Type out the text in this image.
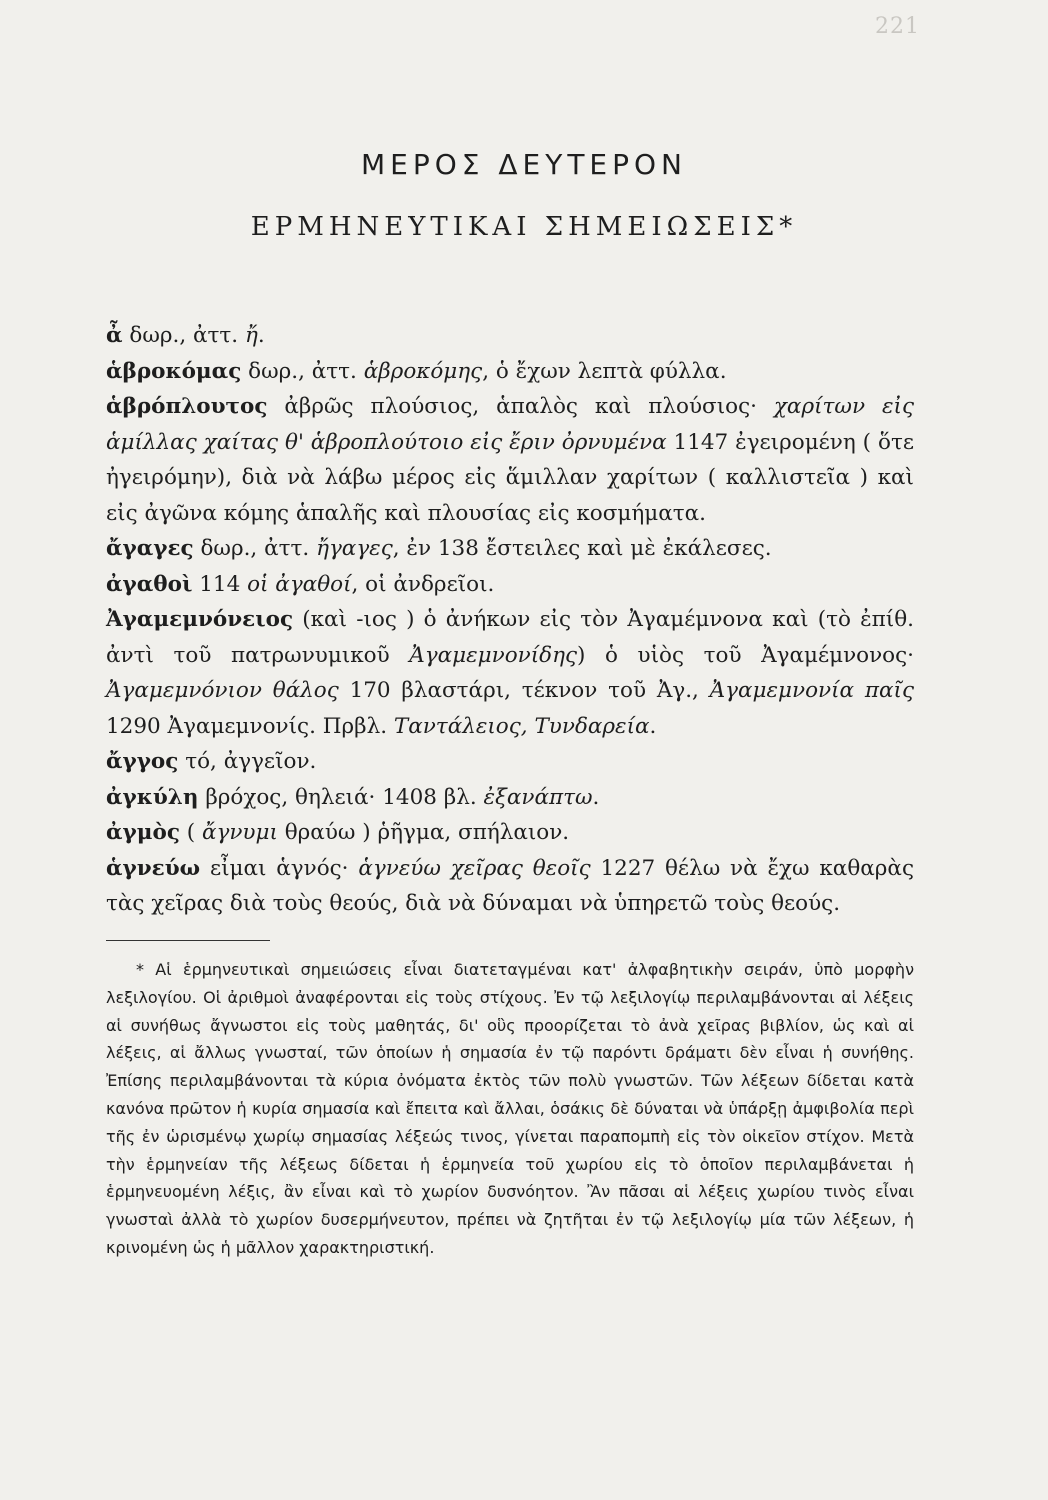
221
ΜΕΡΟΣ ΔΕΥΤΕΡΟΝ
ΕΡΜΗΝΕΥΤΙΚΑΙ ΣΗΜΕΙΩΣΕΙΣ*
ἆ δωρ., ἀττ. ἤ.
ἁβροκόμας δωρ., ἀττ. ἁβροκόμης, ὁ ἔχων λεπτὰ φύλλα.
ἁβρόπλουτος ἀβρῶς πλούσιος, ἁπαλὸς καὶ πλούσιος· χαρίτων εἰς ἁμίλλας χαίτας θ' ἁβροπλούτοιο εἰς ἔριν ὀρνυμένα 1147 ἐγειρομένη ( ὅτε ἠγειρόμην), διὰ νὰ λάβω μέρος εἰς ἅμιλλαν χαρίτων ( καλλιστεῖα ) καὶ εἰς ἀγῶνα κόμης ἁπαλῆς καὶ πλουσίας εἰς κοσμήματα.
ἄγαγες δωρ., ἀττ. ἤγαγες, ἐν 138 ἔστειλες καὶ μὲ ἐκάλεσες.
ἀγαθοὶ 114 οἱ ἀγαθοί, οἱ ἀνδρεῖοι.
Ἀγαμεμνόνειος (καὶ -ιος ) ὁ ἀνήκων εἰς τὸν Ἀγαμέμνονα καὶ (τὸ ἐπίθ. ἀντὶ τοῦ πατρωνυμικοῦ Ἀγαμεμνονίδης) ὁ υἱὸς τοῦ Ἀγαμέμνονος· Ἀγαμεμνόνιον θάλος 170 βλαστάρι, τέκνον τοῦ Ἀγ., Ἀγαμεμνονία παῖς 1290 Ἀγαμεμνονίς. Πρβλ. Ταντάλειος, Τυνδαρεία.
ἄγγος τό, ἀγγεῖον.
ἀγκύλη βρόχος, θηλειά· 1408 βλ. ἐξανάπτω.
ἀγμὸς ( ἄγνυμι θραύω ) ῥῆγμα, σπήλαιον.
ἁγνεύω εἶμαι ἁγνός· ἁγνεύω χεῖρας θεοῖς 1227 θέλω νὰ ἔχω καθαρὰς τὰς χεῖρας διὰ τοὺς θεούς, διὰ νὰ δύναμαι νὰ ὑπηρετῶ τοὺς θεούς.
* Αἱ ἑρμηνευτικαὶ σημειώσεις εἶναι διατεταγμέναι κατ' ἀλφαβητικὴν σειράν, ὑπὸ μορφὴν λεξιλογίου. Οἱ ἀριθμοὶ ἀναφέρονται εἰς τοὺς στίχους. Ἐν τῷ λεξιλογίῳ περιλαμβάνονται αἱ λέξεις αἱ συνήθως ἄγνωστοι εἰς τοὺς μαθητάς, δι' οὓς προορίζεται τὸ ἀνὰ χεῖρας βιβλίον, ὡς καὶ αἱ λέξεις, αἱ ἄλλως γνωσταί, τῶν ὁποίων ἡ σημασία ἐν τῷ παρόντι δράματι δὲν εἶναι ἡ συνήθης. Ἐπίσης περιλαμβάνονται τὰ κύρια ὀνόματα ἐκτὸς τῶν πολὺ γνωστῶν. Τῶν λέξεων δίδεται κατὰ κανόνα πρῶτον ἡ κυρία σημασία καὶ ἔπειτα καὶ ἄλλαι, ὁσάκις δὲ δύναται νὰ ὑπάρξῃ ἀμφιβολία περὶ τῆς ἐν ὡρισμένῳ χωρίῳ σημασίας λέξεώς τινος, γίνεται παραπομπὴ εἰς τὸν οἰκεῖον στίχον. Μετὰ τὴν ἑρμηνείαν τῆς λέξεως δίδεται ἡ ἑρμηνεία τοῦ χωρίου εἰς τὸ ὁποῖον περιλαμβάνεται ἡ ἑρμηνευομένη λέξις, ἂν εἶναι καὶ τὸ χωρίον δυσνόητον. Ἂν πᾶσαι αἱ λέξεις χωρίου τινὸς εἶναι γνωσταὶ ἀλλὰ τὸ χωρίον δυσερμήνευτον, πρέπει νὰ ζητῆται ἐν τῷ λεξιλογίῳ μία τῶν λέξεων, ἡ κρινομένη ὡς ἡ μᾶλλον χαρακτηριστική.
